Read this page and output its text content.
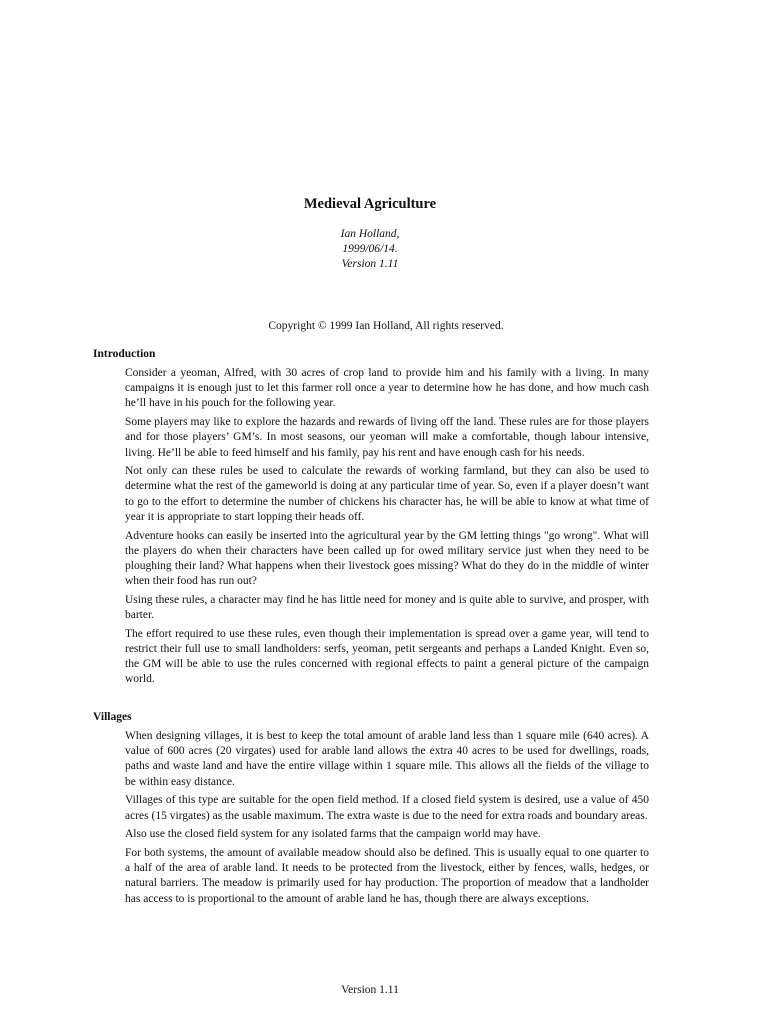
Medieval Agriculture
Ian Holland,
1999/06/14.
Version 1.11
Copyright © 1999 Ian Holland, All rights reserved.
Introduction

Consider a yeoman, Alfred, with 30 acres of crop land to provide him and his family with a living. In many campaigns it is enough just to let this farmer roll once a year to determine how he has done, and how much cash he’ll have in his pouch for the following year.

Some players may like to explore the hazards and rewards of living off the land. These rules are for those players and for those players’ GM’s. In most seasons, our yeoman will make a comfortable, though labour intensive, living. He’ll be able to feed himself and his family, pay his rent and have enough cash for his needs.

Not only can these rules be used to calculate the rewards of working farmland, but they can also be used to determine what the rest of the gameworld is doing at any particular time of year. So, even if a player doesn’t want to go to the effort to determine the number of chickens his character has, he will be able to know at what time of year it is appropriate to start lopping their heads off.

Adventure hooks can easily be inserted into the agricultural year by the GM letting things "go wrong". What will the players do when their characters have been called up for owed military service just when they need to be ploughing their land? What happens when their livestock goes missing? What do they do in the middle of winter when their food has run out?

Using these rules, a character may find he has little need for money and is quite able to survive, and prosper, with barter.

The effort required to use these rules, even though their implementation is spread over a game year, will tend to restrict their full use to small landholders: serfs, yeoman, petit sergeants and perhaps a Landed Knight. Even so, the GM will be able to use the rules concerned with regional effects to paint a general picture of the campaign world.

Villages

When designing villages, it is best to keep the total amount of arable land less than 1 square mile (640 acres). A value of 600 acres (20 virgates) used for arable land allows the extra 40 acres to be used for dwellings, roads, paths and waste land and have the entire village within 1 square mile. This allows all the fields of the village to be within easy distance.

Villages of this type are suitable for the open field method. If a closed field system is desired, use a value of 450 acres (15 virgates) as the usable maximum. The extra waste is due to the need for extra roads and boundary areas.

Also use the closed field system for any isolated farms that the campaign world may have.

For both systems, the amount of available meadow should also be defined. This is usually equal to one quarter to a half of the area of arable land. It needs to be protected from the livestock, either by fences, walls, hedges, or natural barriers. The meadow is primarily used for hay production. The proportion of meadow that a landholder has access to is proportional to the amount of arable land he has, though there are always exceptions.

Version 1.11
